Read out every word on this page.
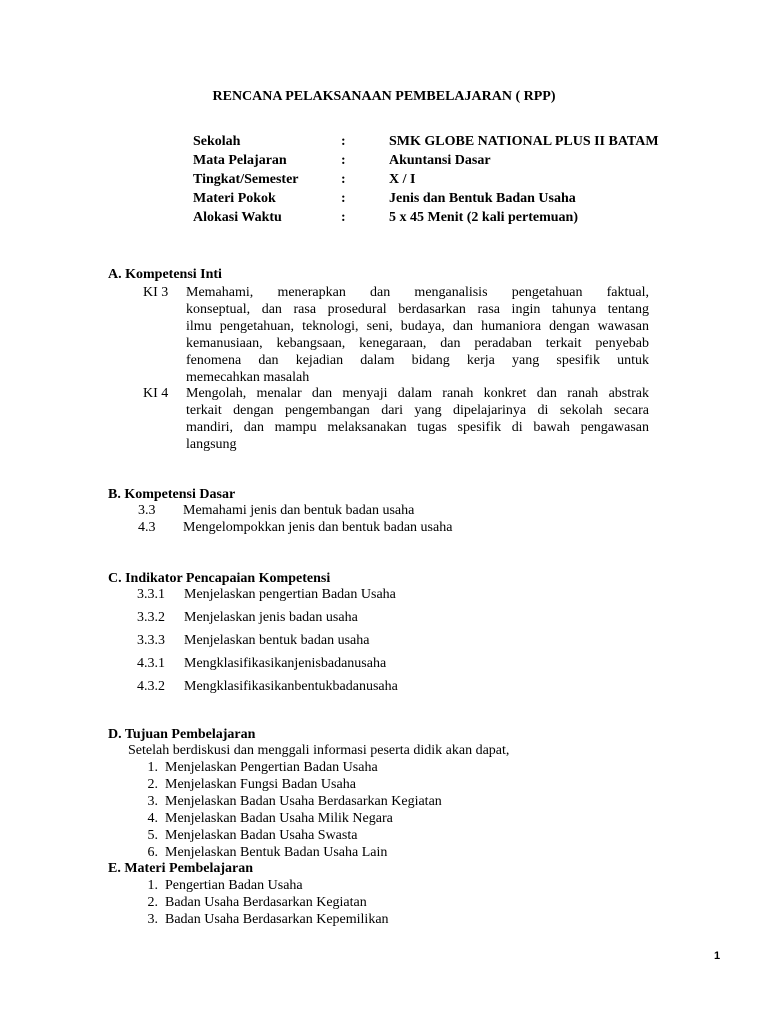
RENCANA PELAKSANAAN PEMBELAJARAN ( RPP)
Sekolah	:	SMK GLOBE NATIONAL PLUS II BATAM
Mata Pelajaran	:	Akuntansi Dasar
Tingkat/Semester	:	X / I
Materi Pokok	:	Jenis dan Bentuk Badan Usaha
Alokasi Waktu	:	5 x 45 Menit (2 kali pertemuan)
A. Kompetensi Inti
KI 3 Memahami, menerapkan dan menganalisis pengetahuan faktual,
konseptual, dan rasa prosedural berdasarkan rasa ingin tahunya tentang
ilmu pengetahuan, teknologi, seni, budaya, dan humaniora dengan wawasan
kemanusiaan, kebangsaan, kenegaraan, dan peradaban terkait penyebab
fenomena dan kejadian dalam bidang kerja yang spesifik untuk
memecahkan masalah
KI 4 Mengolah, menalar dan menyaji dalam ranah konkret dan ranah abstrak
terkait dengan pengembangan dari yang dipelajarinya di sekolah secara
mandiri, dan mampu melaksanakan tugas spesifik di bawah pengawasan
langsung
B. Kompetensi Dasar
3.3 Memahami jenis dan bentuk badan usaha
4.3 Mengelompokkan jenis dan bentuk badan usaha
C. Indikator Pencapaian Kompetensi
3.3.1 Menjelaskan pengertian Badan Usaha
3.3.2 Menjelaskan jenis badan usaha
3.3.3 Menjelaskan bentuk badan usaha
4.3.1 Mengklasifikasikanjenisbadanusaha
4.3.2 Mengklasifikasikanbentukbadanusaha
D. Tujuan Pembelajaran
Setelah berdiskusi dan menggali informasi peserta didik akan dapat,
1. Menjelaskan Pengertian Badan Usaha
2. Menjelaskan Fungsi Badan Usaha
3. Menjelaskan Badan Usaha Berdasarkan Kegiatan
4. Menjelaskan Badan Usaha Milik Negara
5. Menjelaskan Badan Usaha Swasta
6. Menjelaskan Bentuk Badan Usaha Lain
E. Materi Pembelajaran
1. Pengertian Badan Usaha
2. Badan Usaha Berdasarkan Kegiatan
3. Badan Usaha Berdasarkan Kepemilikan
1
